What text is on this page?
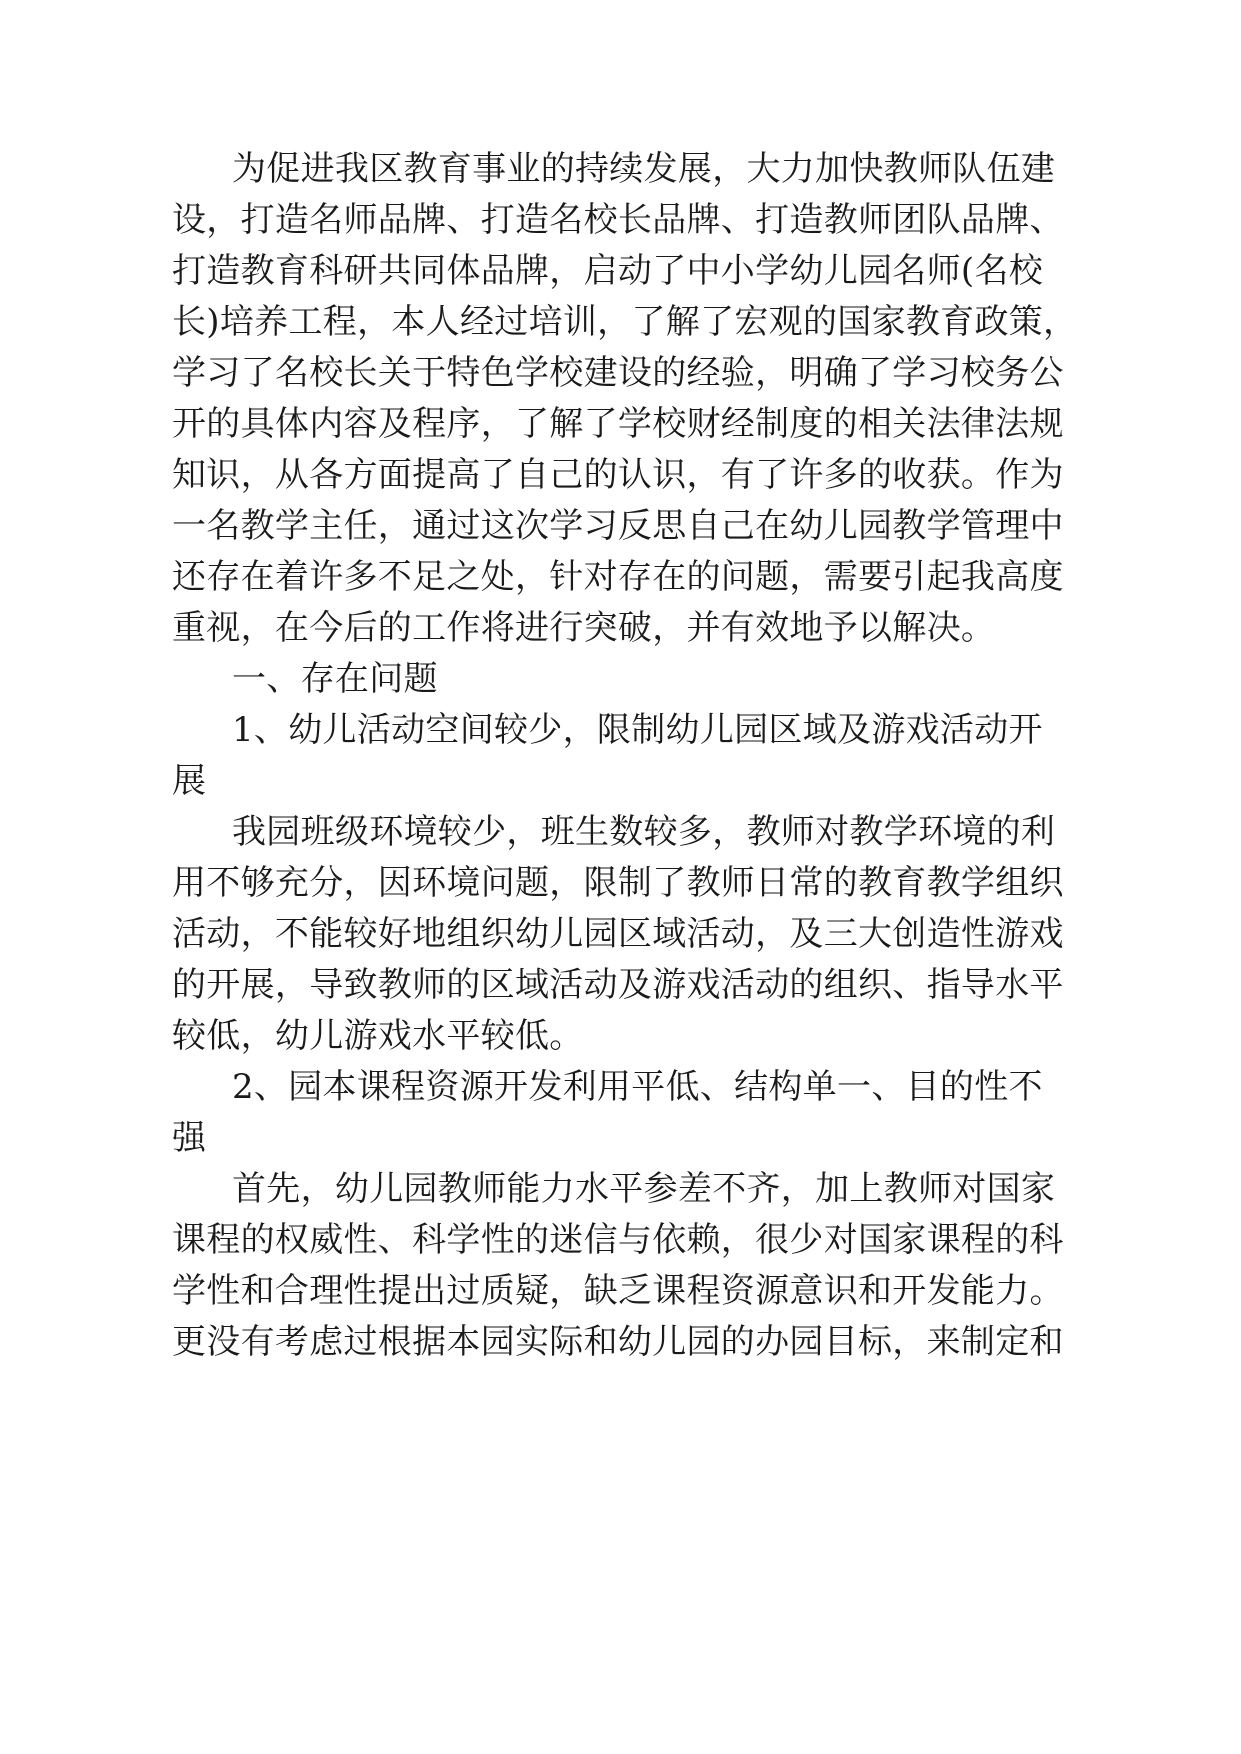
为促进我区教育事业的持续发展，大力加快教师队伍建

设，打造名师品牌、打造名校长品牌、打造教师团队品牌、

打造教育科研共同体品牌，启动了中小学幼儿园名师(名校

长)培养工程，本人经过培训，了解了宏观的国家教育政策，

学习了名校长关于特色学校建设的经验，明确了学习校务公

开的具体内容及程序，了解了学校财经制度的相关法律法规

知识，从各方面提高了自己的认识，有了许多的收获。作为

一名教学主任，通过这次学习反思自己在幼儿园教学管理中

还存在着许多不足之处，针对存在的问题，需要引起我高度

重视，在今后的工作将进行突破，并有效地予以解决。

一、存在问题

1、幼儿活动空间较少，限制幼儿园区域及游戏活动开

展

我园班级环境较少，班生数较多，教师对教学环境的利

用不够充分，因环境问题，限制了教师日常的教育教学组织

活动，不能较好地组织幼儿园区域活动，及三大创造性游戏

的开展，导致教师的区域活动及游戏活动的组织、指导水平

较低，幼儿游戏水平较低。

2、园本课程资源开发利用平低、结构单一、目的性不

强

首先，幼儿园教师能力水平参差不齐，加上教师对国家

课程的权威性、科学性的迷信与依赖，很少对国家课程的科

学性和合理性提出过质疑，缺乏课程资源意识和开发能力。

更没有考虑过根据本园实际和幼儿园的办园目标，来制定和
